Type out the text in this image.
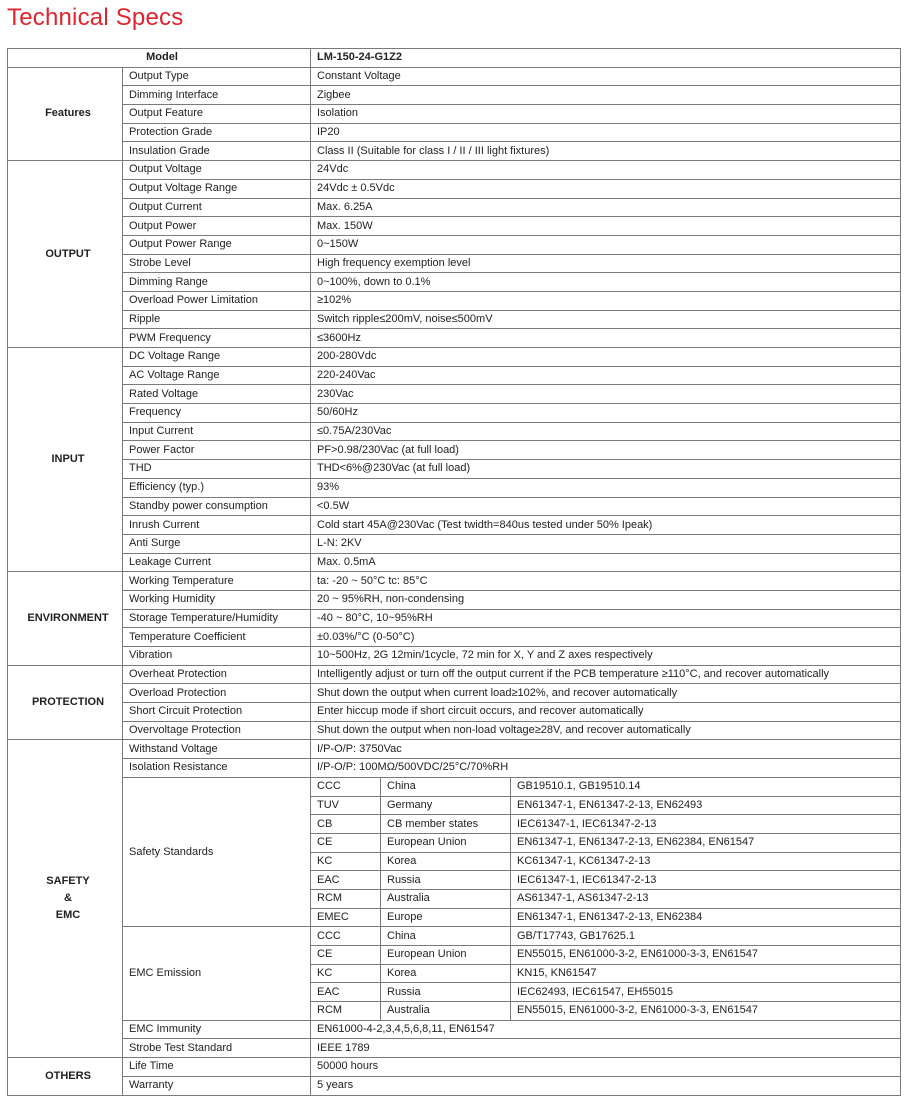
Technical Specs
Model		LM-150-24-G1Z2		
Features	Output Type	Constant Voltage		
	Dimming Interface	Zigbee		
	Output Feature	Isolation		
	Protection Grade	IP20		
	Insulation Grade	Class II (Suitable for class I / II / III light fixtures)		
OUTPUT	Output Voltage	24Vdc		
	Output Voltage Range	24Vdc ± 0.5Vdc		
	Output Current	Max. 6.25A		
	Output Power	Max. 150W		
	Output Power Range	0~150W		
	Strobe Level	High frequency exemption level		
	Dimming Range	0~100%, down to 0.1%		
	Overload Power Limitation	≥102%		
	Ripple	Switch ripple≤200mV, noise≤500mV		
	PWM Frequency	≤3600Hz		
INPUT	DC Voltage Range	200-280Vdc		
	AC Voltage Range	220-240Vac		
	Rated Voltage	230Vac		
	Frequency	50/60Hz		
	Input Current	≤0.75A/230Vac		
	Power Factor	PF>0.98/230Vac (at full load)		
	THD	THD<6%@230Vac (at full load)		
	Efficiency (typ.)	93%		
	Standby power consumption	<0.5W		
	Inrush Current	Cold start 45A@230Vac (Test twidth=840us tested under 50% Ipeak)		
	Anti Surge	L-N: 2KV		
	Leakage Current	Max. 0.5mA		
ENVIRONMENT	Working Temperature	ta: -20 ~ 50°C tc: 85°C		
	Working Humidity	20 ~ 95%RH, non-condensing		
	Storage Temperature/Humidity	-40 ~ 80°C, 10~95%RH		
	Temperature Coefficient	±0.03%/°C (0-50°C)		
	Vibration	10~500Hz, 2G 12min/1cycle, 72 min for X, Y and Z axes respectively		
PROTECTION	Overheat Protection	Intelligently adjust or turn off the output current if the PCB temperature ≥110°C, and recover automatically		
	Overload Protection	Shut down the output when current load≥102%, and recover automatically		
	Short Circuit Protection	Enter hiccup mode if short circuit occurs, and recover automatically		
	Overvoltage Protection	Shut down the output when non-load voltage≥28V, and recover automatically		

SAFETY
&
EMC	Withstand Voltage	I/P-O/P: 3750Vac		
	Isolation Resistance	I/P-O/P: 100MΩ/500VDC/25°C/70%RH		
	Safety Standards	CCC	China	GB19510.1, GB19510.14
		TUV	Germany	EN61347-1, EN61347-2-13, EN62493
		CB	CB member states	IEC61347-1, IEC61347-2-13
		CE	European Union	EN61347-1, EN61347-2-13, EN62384, EN61547
		KC	Korea	KC61347-1, KC61347-2-13
		EAC	Russia	IEC61347-1, IEC61347-2-13
		RCM	Australia	AS61347-1, AS61347-2-13
		EMEC	Europe	EN61347-1, EN61347-2-13, EN62384
	EMC Emission	CCC	China	GB/T17743, GB17625.1
		CE	European Union	EN55015, EN61000-3-2, EN61000-3-3, EN61547
		KC	Korea	KN15, KN61547
		EAC	Russia	IEC62493, IEC61547, EH55015
		RCM	Australia	EN55015, EN61000-3-2, EN61000-3-3, EN61547
	EMC Immunity	EN61000-4-2,3,4,5,6,8,11, EN61547		
	Strobe Test Standard	IEEE 1789		
OTHERS	Life Time	50000 hours		
	Warranty	5 years		
